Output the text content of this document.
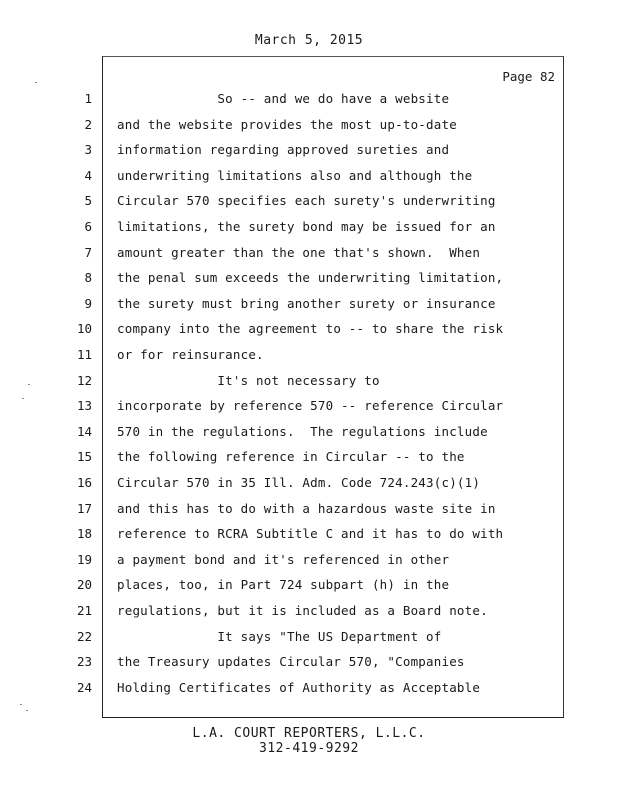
March 5, 2015
Page 82
1 So -- and we do have a website
2 and the website provides the most up-to-date
3 information regarding approved sureties and
4 underwriting limitations also and although the
5 Circular 570 specifies each surety's underwriting
6 limitations, the surety bond may be issued for an
7 amount greater than the one that's shown.  When
8 the penal sum exceeds the underwriting limitation,
9 the surety must bring another surety or insurance
10 company into the agreement to -- to share the risk
11 or for reinsurance.
12 It's not necessary to
13 incorporate by reference 570 -- reference Circular
14 570 in the regulations.  The regulations include
15 the following reference in Circular -- to the
16 Circular 570 in 35 Ill. Adm. Code 724.243(c)(1)
17 and this has to do with a hazardous waste site in
18 reference to RCRA Subtitle C and it has to do with
19 a payment bond and it's referenced in other
20 places, too, in Part 724 subpart (h) in the
21 regulations, but it is included as a Board note.
22 It says "The US Department of
23 the Treasury updates Circular 570, "Companies
24 Holding Certificates of Authority as Acceptable
L.A. COURT REPORTERS, L.L.C.
312-419-9292
